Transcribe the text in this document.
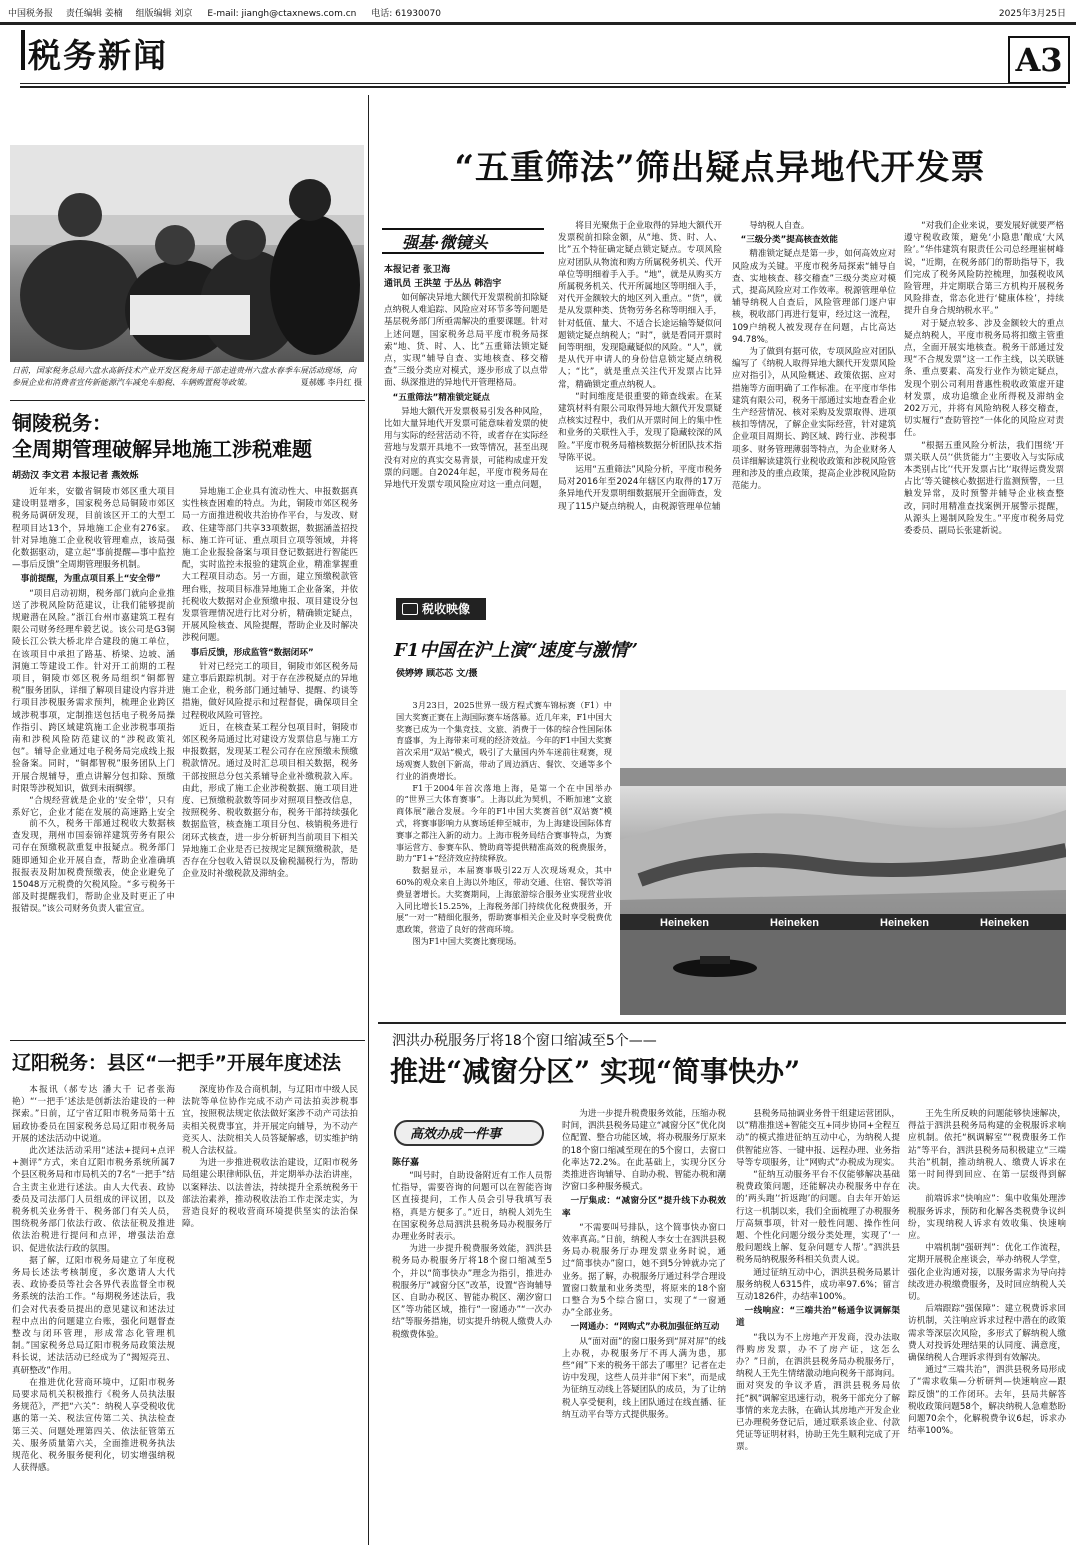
中国税务报 责任编辑 姜楠 组版编辑 刘京 E-mail: jiangh@ctaxnews.com.cn 电话: 61930070	2025年3月25日
税务新闻	A3
日前，国家税务总局六盘水高新技术产业开发区税务局干部走进贵州六盘水春季车展活动现场，向参展企业和消费者宣传新能源汽车减免车船税、车辆购置税等政策。	夏郝娜 李丹红 摄
铜陵税务：
全周期管理破解异地施工涉税难题
胡劲汉 李文君 本报记者 燕效烁

近年来，安徽省铜陵市郊区重大项目建设明显增多，国家税务总局铜陵市郊区税务局调研发现，目前该区开工的大型工程项目达13个，异地施工企业有276家。针对异地施工企业税收管理难点，该局强化数据驱动，建立起“事前提醒—事中监控—事后反馈”全周期管理服务机制。

事前提醒，为重点项目系上“安全带”

“项目启动初期，税务部门就向企业推送了涉税风险防范建议，让我们能够提前规避潜在风险。”浙江台州市嘉建筑工程有限公司财务经理牟毅艺说。该公司是G3铜陵长江公铁大桥北岸合建段的施工单位，在该项目中承担了路基、桥梁、边坡、涵洞施工等建设工作。针对开工前期的工程项目，铜陵市郊区税务局组织“铜都智税”服务团队，详细了解项目建设内容并进行项目涉税服务需求预判，梳理企业跨区域涉税事项，定制推送包括电子税务局操作指引、跨区域建筑施工企业涉税事项指南和涉税风险防范建议的“涉税政策礼包”。辅导企业通过电子税务局完成线上报验备案。同时，“铜都智税”服务团队上门开展合规辅导，重点讲解分包扣除、预缴时限等涉税知识，做到未雨绸缪。

“合规经营就是企业的‘安全带’，只有系好它，企业才能在发展的高速路上安全

前不久，税务干部通过税收大数据核查发现，荆州市国泰锦祥建筑劳务有限公司存在预缴税款重复申报疑点。税务部门随即通知企业开展自查，帮助企业准确填报报表及附加税费预缴表，使企业避免了15048万元税费的欠税风险。“多亏税务干部及时提醒我们，帮助企业及时更正了申报错误。”该公司财务负责人霍宣宣。

异地施工企业具有流动性大、申报数据真实性核查困难的特点。为此，铜陵市郊区税务局一方面推进税收共治协作平台，与发改、财政、住建等部门共享33项数据，数据涵盖招投标、施工许可证、重点项目立项等领域，并将施工企业报验备案与项目登记数据进行智能匹配，实时监控未报验的建筑企业，精准掌握重大工程项目动态。另一方面，建立预缴税款管理台账，按项目标准异地施工企业备案，并依托税收大数据对企业预缴申报、项目建设分包发票管理情况进行比对分析，精确锁定疑点，开展风险核查、风险提醒，帮助企业及时解决涉税问题。

事后反馈，形成监管“数据闭环”

针对已经完工的项目，铜陵市郊区税务局建立事后跟踪机制。对于存在涉税疑点的异地施工企业，税务部门通过辅导、提醒、约谈等措施，做好风险提示和过程督促，确保项目全过程税收风险可管控。

近日，在核查某工程分包项目时，铜陵市郊区税务局通过比对建设方发票信息与施工方申报数据，发现某工程公司存在应预缴未预缴税款情况。通过及时汇总项目相关数据，税务干部按照总分包关系辅导企业补缴税款入库。由此，形成了施工企业涉税数据、施工项目进度、已预缴税款数等同步对照项目整改信息，按照税务、税收数据分布，税务干部持续强化数据监管，核查施工项目分包、核销税务进行闭环式核查，进一步分析研判当前项目下相关异地施工企业是否已按规定足额预缴税款，是否存在分包收入错误以及偷税漏税行为，帮助企业及时补缴税款及滞纳金。

辽阳税务：县区“一把手”开展年度述法

本报讯（郝专达 潘大千 记者张海艳）“‘一把手’述法是创新法治建设的一种探索。”日前，辽宁省辽阳市税务局第十五届政协委员在国家税务总局辽阳市税务局开展的述法活动中说道。

此次述法活动采用“述法+提问+点评+测评”方式，来自辽阳市税务系统所属7个县区税务局和市局机关的7名“一把手”结合主责主业进行述法。由人大代表、政协委员及司法部门人员组成的评议团，以及税务机关业务骨干、税务部门有关人员，围绕税务部门依法行政、依法征税及推进依法治税进行提问和点评，增强法治意识、促进依法行政的氛围。

据了解，辽阳市税务局建立了年度税务局长述法考核制度，多次邀请人大代表、政协委员等社会各界代表监督全市税务系统的法治工作。“每期税务述法后，我们会对代表委员提出的意见建议和述法过程中点出的问题建立台账，强化问题督查整改与闭环管理，形成常态化管理机制。”国家税务总局辽阳市税务局政策法规科长说，述法活动已经成为了“揭短亮丑、真研整改”作用。

在推进优化营商环境中，辽阳市税务局要求局机关积极推行《税务人员执法服务规范》，严把“六关”：纳税人享受税收优惠的第一关、税法宣传第二关、执法检查第三关、问题处理第四关、依法征管第五关、服务质量第六关，全面推进税务执法规范化、税务服务便利化，切实增强纳税人获得感。

深度协作及合商机制，与辽阳市中级人民法院等单位协作完成不动产司法拍卖涉税事宜，按照税法规定依法做好案涉不动产司法拍卖相关税费事宜，并开展定向辅导，为不动产竞买人、法院相关人员答疑解惑，切实维护纳税人合法权益。

为进一步推进税收法治建设，辽阳市税务局组建公职律师队伍，并定期举办法治讲座，以案释法、以法普法，持续提升全系统税务干部法治素养，推动税收法治工作走深走实，为营造良好的税收营商环境提供坚实的法治保障。

“五重筛法”筛出疑点异地代开发票
强基·微镜头
本报记者 张卫海
通讯员 王洪堃 于丛丛 韩浩宇

如何解决异地大额代开发票税前扣除疑点纳税人难追踪、风险应对环节多等问题是基层税务部门所亟需解决的重要课题。针对上述问题，国家税务总局平度市税务局探索“地、货、时、人、比”五重筛法锁定疑点，实现“辅导自查、实地核查、移交稽查”三级分类应对模式，逐步形成了以点带面、纵深推进的异地代开管理格局。

“五重筛法”精准锁定疑点

异地大额代开发票极易引发各种风险，比如大量异地代开发票可能意味着发票的使用与实际的经营活动不符，或者存在实际经营地与发票开具地不一致等情况，甚至出现没有对应的真实交易背景，可能构成虚开发票的问题。自2024年起，平度市税务局在异地代开发票专项风险应对这一重点问题，

将目光聚焦于企业取得的异地大额代开发票税前扣除金额，从“地、货、时、人、比”五个特征确定疑点锁定疑点。专项风险应对团队从物流和购方所属税务机关、代开单位等明细着手入手。“地”，就是从购买方所属税务机关、代开所属地区等明细入手，对代开金额较大的地区列入重点。“货”，就是从发票种类、货物劳务名称等明细入手，针对低值、量大、不适合长途运输等疑似问题锁定疑点纳税人；“时”，就是看同开票时间等明细，发现隐藏疑似的风险。“人”，就是从代开申请人的身份信息锁定疑点纳税人；“比”，就是重点关注代开发票占比异常，精确锁定重点纳税人。

“时间维度是很重要的筛查线索。在某建筑材料有限公司取得异地大额代开发票疑点核实过程中，我们从开票时间上的集中性和业务的关联性入手，发现了隐藏较深的风险。”平度市税务局稽核数据分析团队技术指导陈平说。

运用“五重筛法”风险分析，平度市税务局对2016年至2024年辖区内取得的17万条异地代开发票明细数据展开全面筛查，发现了115户疑点纳税人，由税源管理单位辅

导纳税人自查。

“三级分类”提高核查效能

精准锁定疑点是第一步，如何高效应对风险成为关键。平度市税务局探索“辅导自查、实地核查、移交稽查”三级分类应对模式，提高风险应对工作效率。税源管理单位辅导纳税人自查后，风险管理部门逐户审核，税收部门再进行复审，经过这一流程，109户纳税人被发现存在问题，占比高达94.78%。

为了做到有据可依，专项风险应对团队编写了《纳税人取得异地大额代开发票风险应对指引》，从风险概述、政策依据、应对措施等方面明确了工作标准。在平度市华伟建筑有限公司，税务干部通过实地查看企业生产经营情况、核对采购及发票取得、进项核扣等情况，了解企业实际经营，针对建筑企业项目周期长、跨区域、跨行业、涉税事项多、财务管理薄弱等特点，为企业财务人员详细解读建筑行业税收政策和涉税风险管理和涉及的重点政策，提高企业涉税风险防范能力。

“对我们企业来说，要发展好就要严格遵守税收政策，避免‘小隐患’酿成‘大风险’。”华伟建筑有限责任公司总经理崔树峰说，“近期，在税务部门的帮助指导下，我们完成了税务风险防控梳理，加强税收风险管理，并定期联合第三方机构开展税务风险排查，常态化进行‘健康体检’，持续提升自身合规纳税水平。”

对于疑点较多、涉及金额较大的重点疑点纳税人，平度市税务局将扣缴主管重点，全面开展实地核查。税务干部通过发现“不合规发票”这一工作主线，以关联链条、重点要素、高发行业作为锁定疑点，发现个别公司利用普惠性税收政策虚开建材发票，成功追缴企业所得税及滞纳金202万元，并将有风险纳税人移交稽查，切实履行“查防管控”一体化的风险应对责任。

“根据五重风险分析法，我们围绕‘开票关联人员’‘供货能力’‘主要收入与实际成本类别占比’‘代开发票占比’‘取得运费发票占比’等关键核心数据进行监测预警，一旦触发异常，及时预警并辅导企业核查整改，同时用精准查找案例开展警示提醒，从源头上遏制风险发生。”平度市税务局党委委员、副局长张建新说。

税收映像
F1中国在沪上演“速度与激情”
侯婷婷 顾芯芯 文/摄

3月23日，2025世界一级方程式赛车锦标赛（F1）中国大奖赛正赛在上海国际赛车场落幕。近几年来，F1中国大奖赛已成为一个集竞技、文旅、消费于一体的综合性国际体育盛事，为上海带来可观的经济效益。今年的F1中国大奖赛首次采用“双站”模式，吸引了大量国内外车迷前往观赛，现场观赛人数创下新高，带动了周边酒店、餐饮、交通等多个行业的消费增长。

F1于2004年首次落地上海，是第一个在中国举办的“世界三大体育赛事”。上海以此为契机，不断加速“文旅商体展”融合发展。今年的F1中国大奖赛首创“双站赛”模式，将赛事影响力从赛场延伸至城市，为上海建设国际体育赛事之都注入新的动力。上海市税务局结合赛事特点，为赛事运营方、参赛车队、赞助商等提供精准高效的税费服务，助力“F1+”经济效应持续释放。

数据显示，本届赛事吸引22万人次现场观众，其中60%的观众来自上海以外地区，带动交通、住宿、餐饮等消费显著增长。大奖赛期间，上海旅游综合服务业实现营业收入同比增长15.25%，上海税务部门持续优化税费服务，开展“一对一”精细化服务，帮助赛事相关企业及时享受税费优惠政策，营造了良好的营商环境。

图为F1中国大奖赛比赛现场。

Heineken	Heineken	Heineken	Heineken
泗洪办税服务厅将18个窗口缩减至5个——
推进“减窗分区” 实现“简事快办”
高效办成一件事
陈仔嘉

“叫号时，自助设备附近有工作人员帮忙指导，需要咨询的问题可以在智能咨询区直接提问，工作人员会引导我填写表格，真是方便多了。”近日，纳税人刘先生在国家税务总局泗洪县税务局办税服务厅办理业务时表示。

为进一步提升税费服务效能，泗洪县税务局办税服务厅将18个窗口缩减至5个，并以“简事快办”理念为指引，推进办税服务厅“减窗分区”改革，设置“咨询辅导区、自助办税区、智能办税区、潮汐窗口区”等功能区域，推行“一窗通办”“一次办结”等服务措施，切实提升纳税人缴费人办税缴费体验。

为进一步提升税费服务效能，压缩办税时间，泗洪县税务局建立“减窗分区”优化岗位配置、整合功能区域，将办税服务厅原来的18个窗口缩减至现在的5个窗口，去窗口化率达72.2%。在此基础上，实现分区分类推进咨询辅导、自助办税、智能办税和潮汐窗口多种服务模式。

一厅集成：“减窗分区”提升线下办税效率

“不需要叫号排队，这个简事快办窗口效率真高。”日前，纳税人李女士在泗洪县税务局办税服务厅办理发票业务时说，通过“简事快办”窗口，她不到5分钟就办完了业务。据了解，办税服务厅通过科学合理设置窗口数量和业务类型，将原来的18个窗口整合为5个综合窗口，实现了“一窗通办”全部业务。

一网通办：“网购式”办税加强征纳互动

从“面对面”的窗口服务到“屏对屏”的线上办税，办税服务厅不再人满为患，那些“闹”下来的税务干部去了哪里？记者在走访中发现，这些人员并非“闲下来”，而是成为征纳互动线上答疑团队的成员，为了让纳税人享受便利，线上团队通过在线直播、征纳互动平台等方式提供服务。

县税务局抽调业务骨干组建运营团队，以“精准推送+智能交互+同步协同+全程互动”的模式推进征纳互动中心，为纳税人提供智能应答、一键申报、远程办理、业务指导等专项服务，让“网购式”办税成为现实。

“征纳互动服务平台不仅能够解决基础税费政策问题，还能解决办税服务中存在的‘两头跑’‘折返跑’的问题。自去年开始运行这一机制以来，我们全面梳理了办税服务厅高频事项，针对一般性问题、操作性问题、个性化问题分级分类处理，实现了‘一般问题线上解、复杂问题专人帮’。”泗洪县税务局纳税服务科相关负责人说。

通过征纳互动中心，泗洪县税务局累计服务纳税人6315件，成功率97.6%；留言互动1826件，办结率100%。

一线响应：“三端共治”畅通争议调解渠道

“我以为不上房地产开发商，没办法取得购房发票，办不了房产证，这怎么办？”日前，在泗洪县税务局办税服务厅，纳税人王先生情绪激动地向税务干部询问。面对突发的争议矛盾，泗洪县税务局依托“枫”调解室迅速行动，税务干部充分了解事情的来龙去脉，在确认其房地产开发企业已办理税务登记后，通过联系该企业、付款凭证等证明材料，协助王先生顺利完成了开票。

王先生所反映的问题能够快速解决，得益于泗洪县税务局构建的金税服诉求响应机制。依托“枫调解室”“税费服务工作站”等平台，泗洪县税务局积极建立“三端共治”机制，推动纳税人、缴费人诉求在第一时间得到回应、在第一层级得到解决。

前端诉求“快响应”：集中收集处理涉税服务诉求，预防和化解各类税费争议纠纷，实现纳税人诉求有效收集、快速响应。

中端机制“强研判”：优化工作流程，定期开展税企座谈会，举办纳税人学堂，强化企业沟通对接，以服务需求为导向持续改进办税缴费服务，及时回应纳税人关切。

后端跟踪“强保障”：建立税费诉求回访机制，关注响应诉求过程中潜在的政策需求等深层次风险，多形式了解纳税人缴费人对投诉处理结果的认同度、满意度，确保纳税人合理诉求得到有效解决。

通过“三端共治”，泗洪县税务局形成了“需求收集—分析研判—快速响应—跟踪反馈”的工作闭环。去年，县局共解答税收政策问题58个，解决纳税人急难愁盼问题70余个，化解税费争议6起，诉求办结率100%。
